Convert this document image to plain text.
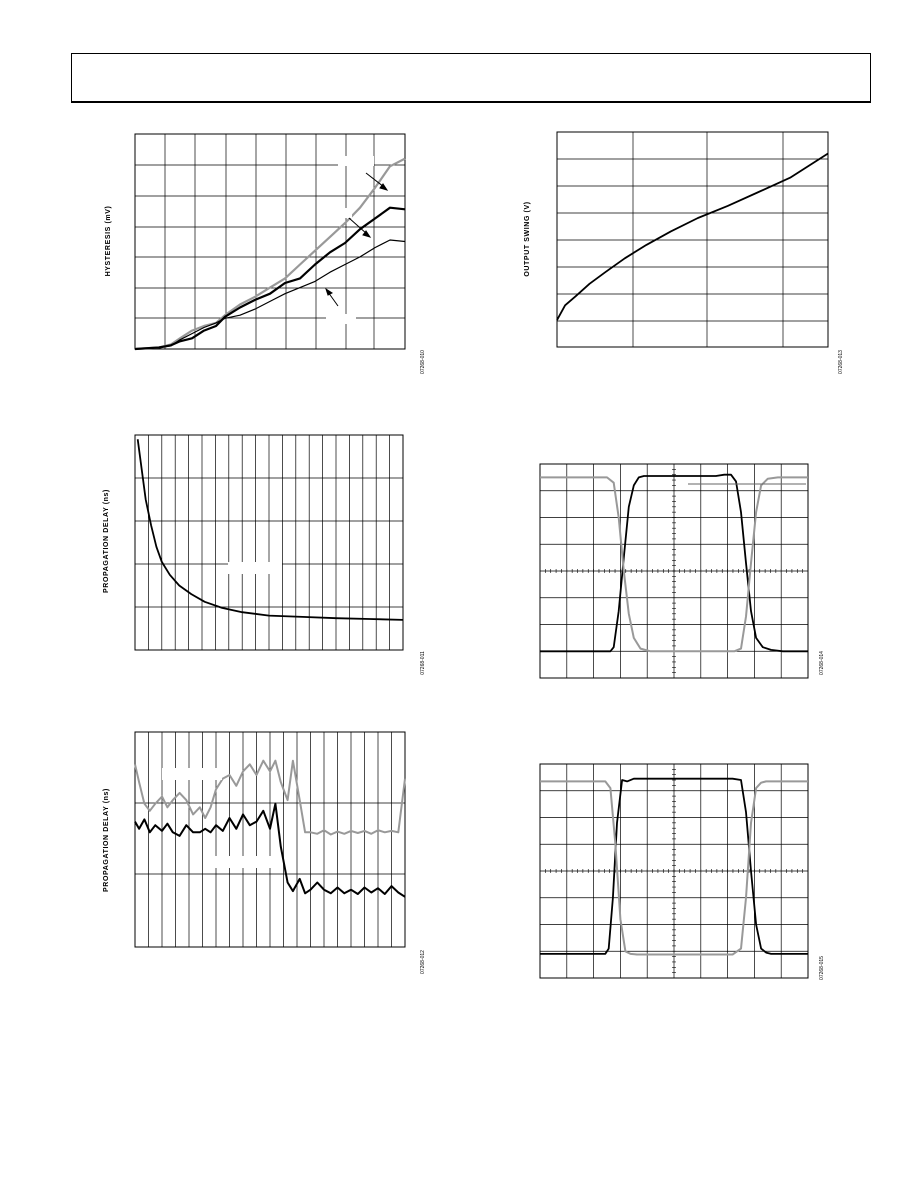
HYSTERESIS (mV)
07268-010
OUTPUT SWING (V)
07268-013
PROPAGATION DELAY (ns)
07268-011
PROPAGATION DELAY (ns)
07268-012
07268-014
07268-015
